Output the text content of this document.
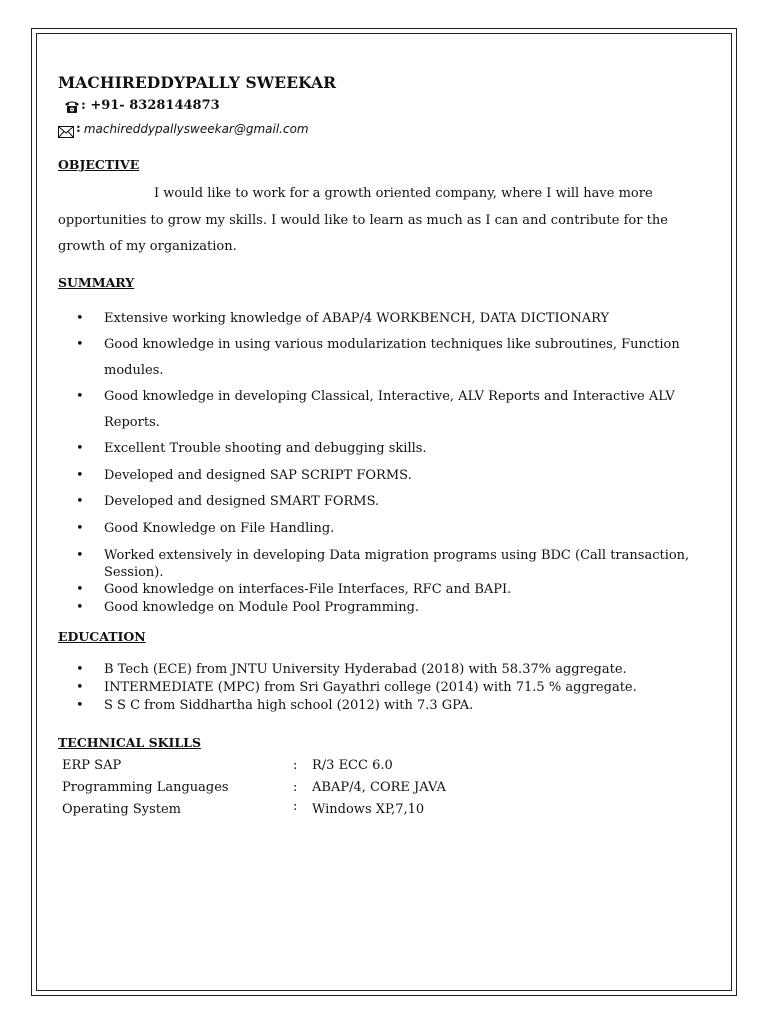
MACHIREDDYPALLY SWEEKAR
: +91- 8328144873
: machireddypallysweekar@gmail.com
OBJECTIVE

I would like to work for a growth oriented company, where I will have more
opportunities to grow my skills. I would like to learn as much as I can and contribute for the
growth of my organization.

SUMMARY
• Extensive working knowledge of ABAP/4 WORKBENCH, DATA DICTIONARY
• Good knowledge in using various modularization techniques like subroutines, Function modules.
• Good knowledge in developing Classical, Interactive, ALV Reports and Interactive ALV Reports.
• Excellent Trouble shooting and debugging skills.
• Developed and designed SAP SCRIPT FORMS.
• Developed and designed SMART FORMS.
• Good Knowledge on File Handling.
• Worked extensively in developing Data migration programs using BDC (Call transaction, Session).
• Good knowledge on interfaces-File Interfaces, RFC and BAPI.
• Good knowledge on Module Pool Programming.
EDUCATION
• B Tech (ECE) from JNTU University Hyderabad (2018) with 58.37% aggregate.
• INTERMEDIATE (MPC) from Sri Gayathri college (2014) with 71.5 % aggregate.
• S S C from Siddhartha high school (2012) with 7.3 GPA.
TECHNICAL SKILLS
ERP SAP	:	R/3 ECC 6.0
Programming Languages	:	ABAP/4, CORE JAVA
Operating System	:	Windows XP,7,10
